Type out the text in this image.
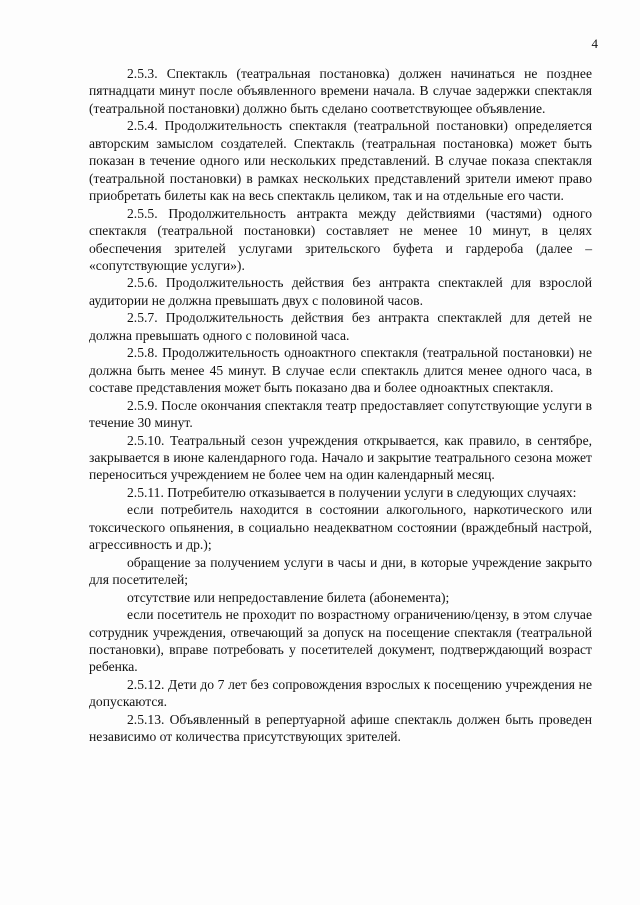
4

2.5.3. Спектакль (театральная постановка) должен начинаться не позднее пятнадцати минут после объявленного времени начала. В случае задержки спектакля (театральной постановки) должно быть сделано соответствующее объявление.

2.5.4. Продолжительность спектакля (театральной постановки) определяется авторским замыслом создателей. Спектакль (театральная постановка) может быть показан в течение одного или нескольких представлений. В случае показа спектакля (театральной постановки) в рамках нескольких представлений зрители имеют право приобретать билеты как на весь спектакль целиком, так и на отдельные его части.

2.5.5. Продолжительность антракта между действиями (частями) одного спектакля (театральной постановки) составляет не менее 10 минут, в целях обеспечения зрителей услугами зрительского буфета и гардероба (далее – «сопутствующие услуги»).

2.5.6. Продолжительность действия без антракта спектаклей для взрослой аудитории не должна превышать двух с половиной часов.

2.5.7. Продолжительность действия без антракта спектаклей для детей не должна превышать одного с половиной часа.

2.5.8. Продолжительность одноактного спектакля (театральной постановки) не должна быть менее 45 минут. В случае если спектакль длится менее одного часа, в составе представления может быть показано два и более одноактных спектакля.

2.5.9. После окончания спектакля театр предоставляет сопутствующие услуги в течение 30 минут.

2.5.10. Театральный сезон учреждения открывается, как правило, в сентябре, закрывается в июне календарного года. Начало и закрытие театрального сезона может переноситься учреждением не более чем на один календарный месяц.

2.5.11. Потребителю отказывается в получении услуги в следующих случаях:

если потребитель находится в состоянии алкогольного, наркотического или токсического опьянения, в социально неадекватном состоянии (враждебный настрой, агрессивность и др.);

обращение за получением услуги в часы и дни, в которые учреждение закрыто для посетителей;

отсутствие или непредоставление билета (абонемента);

если посетитель не проходит по возрастному ограничению/цензу, в этом случае сотрудник учреждения, отвечающий за допуск на посещение спектакля (театральной постановки), вправе потребовать у посетителей документ, подтверждающий возраст ребенка.

2.5.12. Дети до 7 лет без сопровождения взрослых к посещению учреждения не допускаются.

2.5.13. Объявленный в репертуарной афише спектакль должен быть проведен независимо от количества присутствующих зрителей.
